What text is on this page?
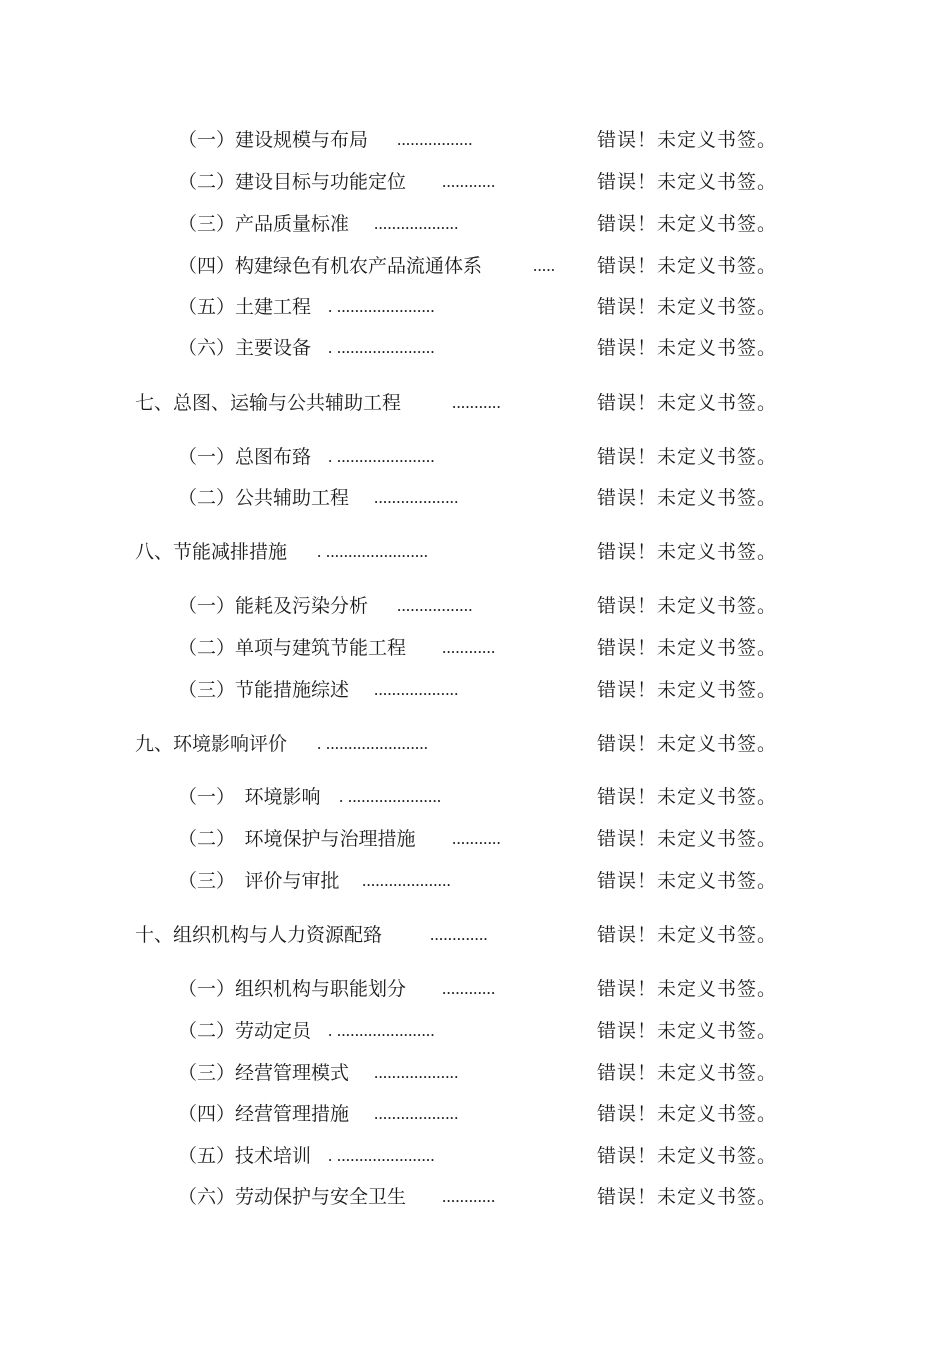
（一）建设规模与布局 .................	错误！未定义书签。
（二）建设目标与功能定位 ............	错误！未定义书签。
（三）产品质量标准 ...................	错误！未定义书签。
（四）构建绿色有机农产品流通体系	..... 错误！未定义书签。
（五）土建工程 . ......................	错误！未定义书签。
（六）主要设备 . ......................	错误！未定义书签。
七、总图、运输与公共辅助工程	...........	错误！未定义书签。
（一）总图布臵 . ......................	错误！未定义书签。
（二）公共辅助工程 ...................	错误！未定义书签。
八、节能减排措施 . .......................	错误！未定义书签。
（一）能耗及污染分析 .................	错误！未定义书签。
（二）单项与建筑节能工程 ............	错误！未定义书签。
（三）节能措施综述 ...................	错误！未定义书签。
九、环境影响评价 . .......................	错误！未定义书签。
（一）　环境影响 . .....................	错误！未定义书签。
（二）　环境保护与治理措施 ...........	错误！未定义书签。
（三）　评价与审批 ....................	错误！未定义书签。
十、组织机构与人力资源配臵	.............	错误！未定义书签。
（一）组织机构与职能划分 ............	错误！未定义书签。
（二）劳动定员 . ......................	错误！未定义书签。
（三）经营管理模式 ...................	错误！未定义书签。
（四）经营管理措施 ...................	错误！未定义书签。
（五）技术培训 . ......................	错误！未定义书签。
（六）劳动保护与安全卫生 ............	错误！未定义书签。
